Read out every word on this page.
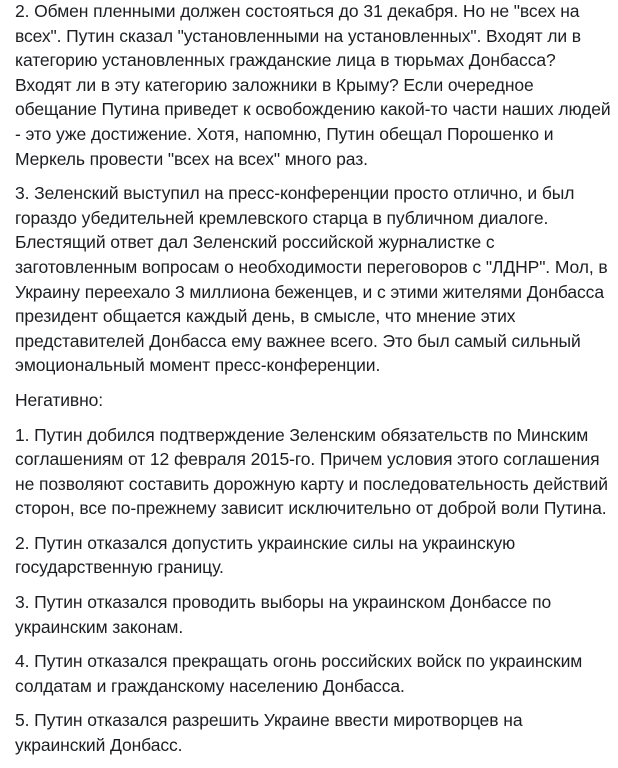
2. Обмен пленными должен состояться до 31 декабря. Но не "всех на всех". Путин сказал "установленными на установленных". Входят ли в категорию установленных гражданские лица в тюрьмах Донбасса? Входят ли в эту категорию заложники в Крыму? Если очередное обещание Путина приведет к освобождению какой-то части наших людей - это уже достижение. Хотя, напомню, Путин обещал Порошенко и Меркель провести "всех на всех" много раз.

3. Зеленский выступил на пресс-конференции просто отлично, и был гораздо убедительней кремлевского старца в публичном диалоге. Блестящий ответ дал Зеленский российской журналистке с заготовленным вопросам о необходимости переговоров с "ЛДНР". Мол, в Украину переехало 3 миллиона беженцев, и с этими жителями Донбасса президент общается каждый день, в смысле, что мнение этих представителей Донбасса ему важнее всего. Это был самый сильный эмоциональный момент пресс-конференции.

Негативно:

1. Путин добился подтверждение Зеленским обязательств по Минским соглашениям от 12 февраля 2015-го. Причем условия этого соглашения не позволяют составить дорожную карту и последовательность действий сторон, все по-прежнему зависит исключительно от доброй воли Путина.

2. Путин отказался допустить украинские силы на украинскую государственную границу.

3. Путин отказался проводить выборы на украинском Донбассе по украинским законам.

4. Путин отказался прекращать огонь российских войск по украинским солдатам и гражданскому населению Донбасса.

5. Путин отказался разрешить Украине ввести миротворцев на украинский Донбасс.
